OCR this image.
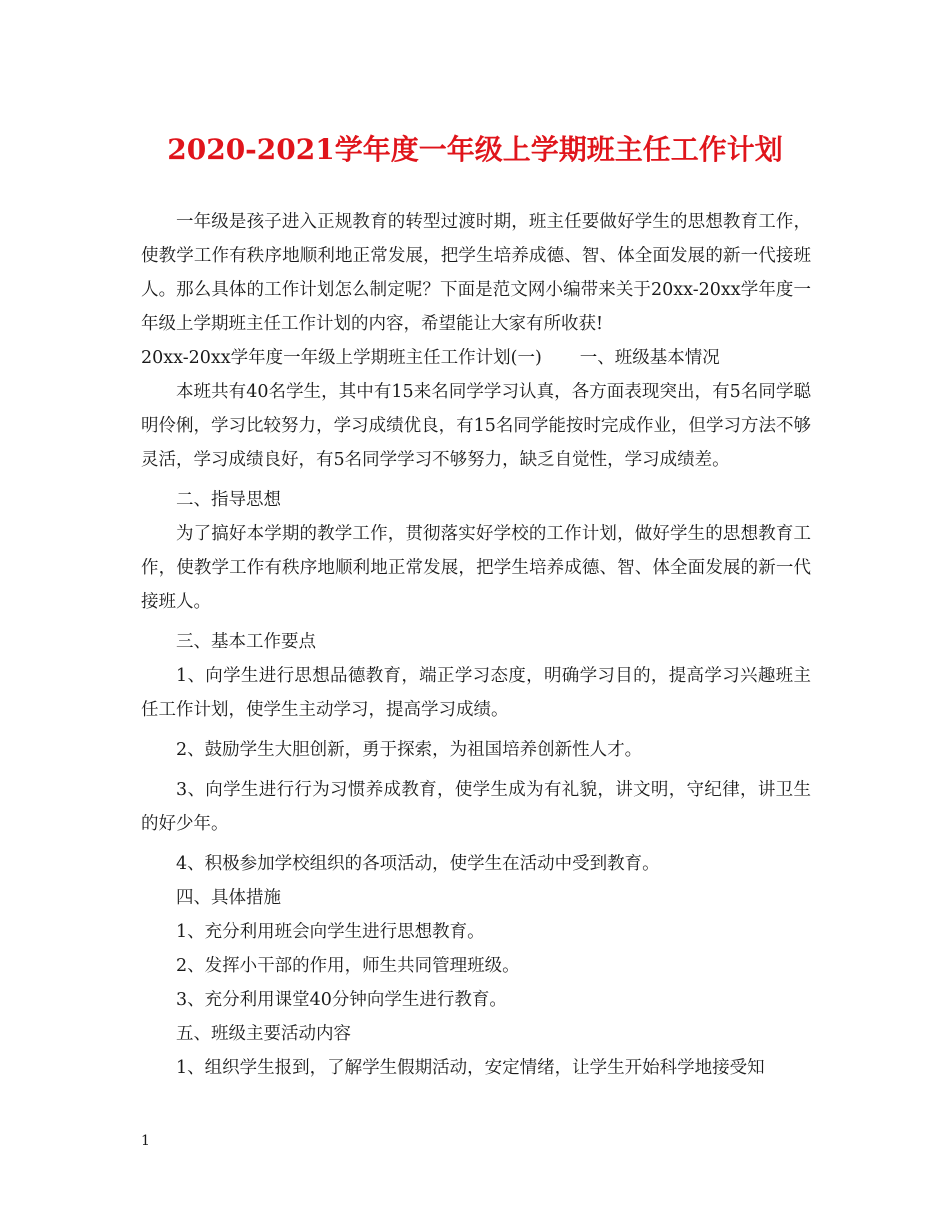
2020-2021学年度一年级上学期班主任工作计划

一年级是孩子进入正规教育的转型过渡时期，班主任要做好学生的思想教育工作，使教学工作有秩序地顺利地正常发展，把学生培养成德、智、体全面发展的新一代接班人。那么具体的工作计划怎么制定呢？下面是范文网小编带来关于20xx-20xx学年度一年级上学期班主任工作计划的内容，希望能让大家有所收获!

20xx-20xx学年度一年级上学期班主任工作计划(一) 一、班级基本情况

本班共有40名学生，其中有15来名同学学习认真，各方面表现突出，有5名同学聪明伶俐，学习比较努力，学习成绩优良，有15名同学能按时完成作业，但学习方法不够灵活，学习成绩良好，有5名同学学习不够努力，缺乏自觉性，学习成绩差。

二、指导思想

为了搞好本学期的教学工作，贯彻落实好学校的工作计划，做好学生的思想教育工作，使教学工作有秩序地顺利地正常发展，把学生培养成德、智、体全面发展的新一代接班人。

三、基本工作要点

1、向学生进行思想品德教育，端正学习态度，明确学习目的，提高学习兴趣班主任工作计划，使学生主动学习，提高学习成绩。

2、鼓励学生大胆创新，勇于探索，为祖国培养创新性人才。

3、向学生进行行为习惯养成教育，使学生成为有礼貌，讲文明，守纪律，讲卫生的好少年。

4、积极参加学校组织的各项活动，使学生在活动中受到教育。

四、具体措施

1、充分利用班会向学生进行思想教育。

2、发挥小干部的作用，师生共同管理班级。

3、充分利用课堂40分钟向学生进行教育。

五、班级主要活动内容

1、组织学生报到，了解学生假期活动，安定情绪，让学生开始科学地接受知

1
